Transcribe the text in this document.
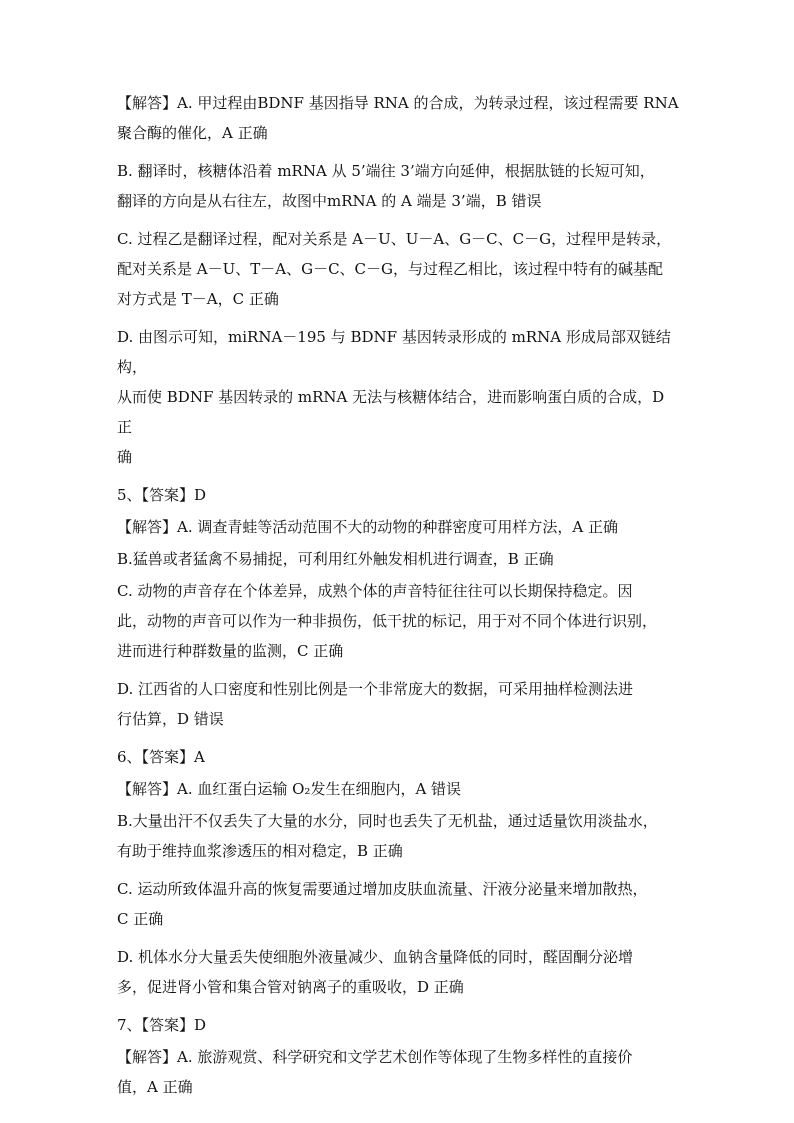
【解答】A. 甲过程由BDNF 基因指导 RNA 的合成，为转录过程，该过程需要 RNA
聚合酶的催化，A 正确

B. 翻译时，核糖体沿着 mRNA 从 5’端往 3’端方向延伸，根据肽链的长短可知，
翻译的方向是从右往左，故图中mRNA 的 A 端是 3’端，B 错误

C. 过程乙是翻译过程，配对关系是 A－U、U－A、G－C、C－G，过程甲是转录，
配对关系是 A－U、T－A、G－C、C－G，与过程乙相比，该过程中特有的碱基配
对方式是 T－A，C 正确

D. 由图示可知，miRNA－195 与 BDNF 基因转录形成的 mRNA 形成局部双链结构，
从而使 BDNF 基因转录的 mRNA 无法与核糖体结合，进而影响蛋白质的合成，D 正
确

5、【答案】D

【解答】A. 调查青蛙等活动范围不大的动物的种群密度可用样方法，A 正确

B.猛兽或者猛禽不易捕捉，可利用红外触发相机进行调查，B 正确

C. 动物的声音存在个体差异，成熟个体的声音特征往往可以长期保持稳定。因
此，动物的声音可以作为一种非损伤，低干扰的标记，用于对不同个体进行识别，
进而进行种群数量的监测，C 正确

D. 江西省的人口密度和性别比例是一个非常庞大的数据，可采用抽样检测法进
行估算，D 错误

6、【答案】A

【解答】A. 血红蛋白运输 O₂发生在细胞内，A 错误

B.大量出汗不仅丢失了大量的水分，同时也丢失了无机盐，通过适量饮用淡盐水，
有助于维持血浆渗透压的相对稳定，B 正确

C. 运动所致体温升高的恢复需要通过增加皮肤血流量、汗液分泌量来增加散热，
C 正确

D. 机体水分大量丢失使细胞外液量减少、血钠含量降低的同时，醛固酮分泌增
多，促进肾小管和集合管对钠离子的重吸收，D 正确

7、【答案】D

【解答】A. 旅游观赏、科学研究和文学艺术创作等体现了生物多样性的直接价
值，A 正确
